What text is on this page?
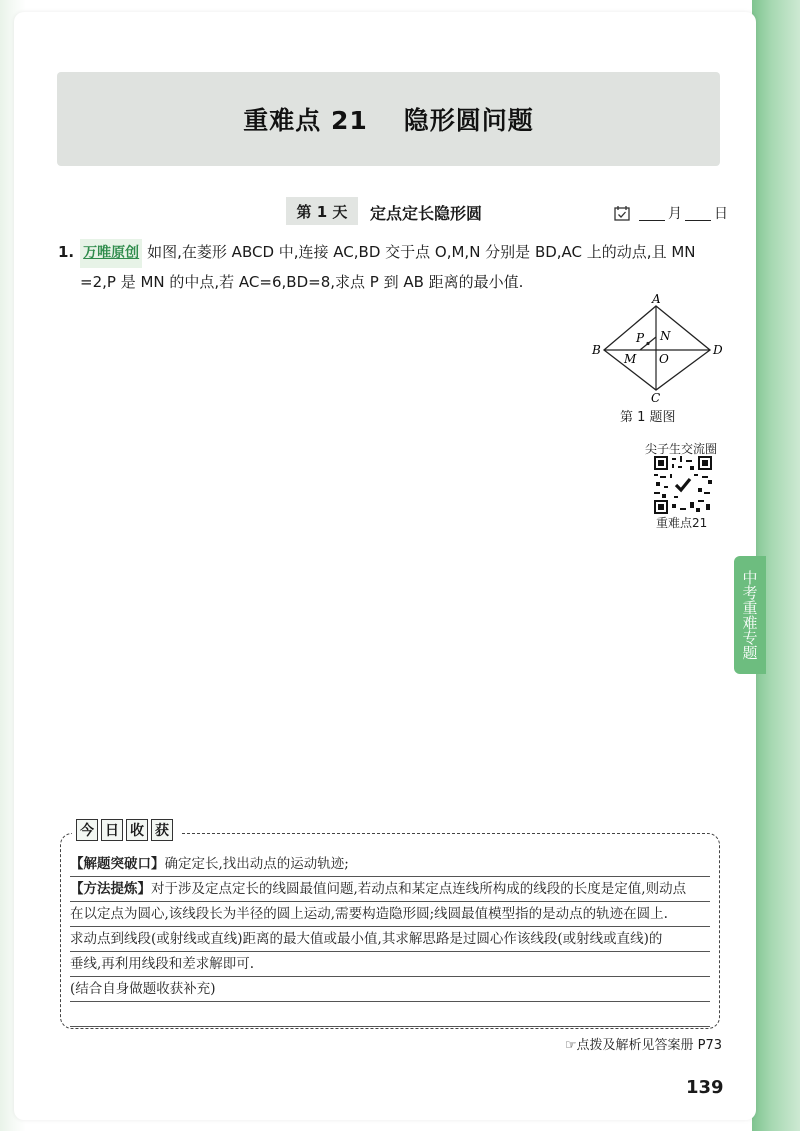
重难点 21 隐形圆问题
第 1 天	定点定长隐形圆	月 日
1. 万唯原创 如图,在菱形 ABCD 中,连接 AC,BD 交于点 O,M,N 分别是 BD,AC 上的动点,且 MN
=2,P 是 MN 的中点,若 AC=6,BD=8,求点 P 到 AB 距离的最小值.
A
B
C
D
O
M
N
P
第 1 题图
尖子生交流圈
重难点21
中考重难专题
今 日 收 获
【解题突破口】确定定长,找出动点的运动轨迹;
【方法提炼】对于涉及定点定长的线圆最值问题,若动点和某定点连线所构成的线段的长度是定值,则动点
在以定点为圆心,该线段长为半径的圆上运动,需要构造隐形圆;线圆最值模型指的是动点的轨迹在圆上.
求动点到线段(或射线或直线)距离的最大值或最小值,其求解思路是过圆心作该线段(或射线或直线)的
垂线,再利用线段和差求解即可.
(结合自身做题收获补充)
☞点拨及解析见答案册 P73
139
